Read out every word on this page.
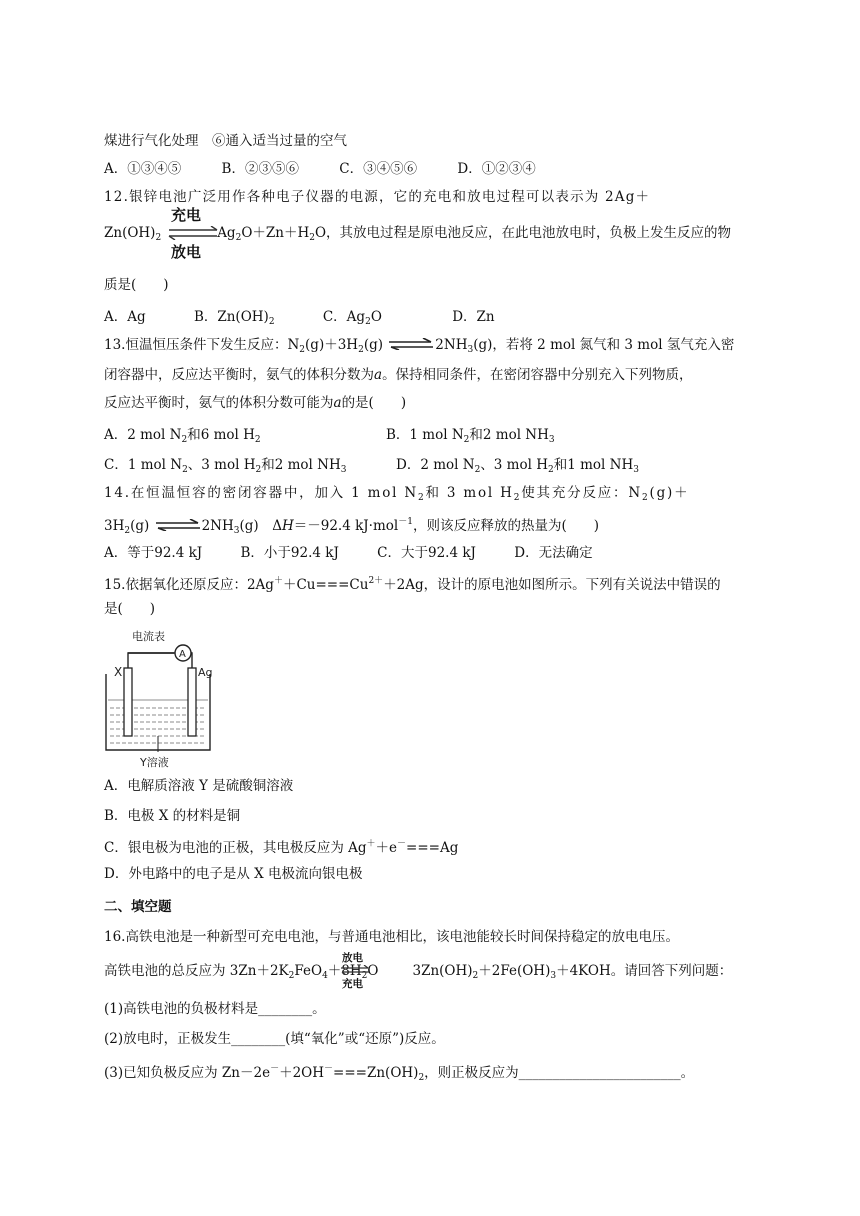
煤进行气化处理　⑥通入适当过量的空气
A．①③④⑤	B．②③⑤⑥	C．③④⑤⑥	D．①②③④
12.银锌电池广泛用作各种电子仪器的电源，它的充电和放电过程可以表示为 2Ag＋
$Zn(OH)_2$	$Ag_2O+Zn+H_2O$，其放电过程是原电池反应，在此电池放电时，负极上发生反应的物
充电
放电
质是(　　)
A．Ag	B．$Zn(OH)_2$	C．$Ag_2O$	D．Zn
13.恒温恒压条件下发生反应：$N_2(g)+3H_2(g)$ $\rightleftharpoons 2NH_3(g)$，若将 2 mol 氮气和 3 mol 氢气充入密
闭容器中，反应达平衡时，氨气的体积分数为a。保持相同条件，在密闭容器中分别充入下列物质，
反应达平衡时，氨气的体积分数可能为a的是(　　)
A．2 mol $N_2$和6 mol $H_2$	B．1 mol $N_2$和2 mol $NH_3$
C．1 mol $N_2$、3 mol $H_2$和2 mol $NH_3$	D．2 mol $N_2$、3 mol $H_2$和1 mol $NH_3$
14.在恒温恒容的密闭容器中，加入 1 mol $N_2$和 3 mol $H_2$使其充分反应：$N_2(g)+$
$3H_2(g)$ $\rightleftharpoons 2NH_3(g)$　ΔH＝－92.4 kJ·mol$^{-1}$，则该反应释放的热量为(　　)
A．等于92.4 kJ	B．小于92.4 kJ	C．大于92.4 kJ	D．无法确定
15.依据氧化还原反应：$2Ag^++Cu===Cu^{2+}+2Ag$，设计的原电池如图所示。下列有关说法中错误的
是(　　)
电流表
A
X	Ag
Y溶液
A．电解质溶液 Y 是硫酸铜溶液
B．电极 X 的材料是铜
C．银电极为电池的正极，其电极反应为 Ag＋＋e－===Ag
D．外电路中的电子是从 X 电极流向银电极
二、填空题
16.高铁电池是一种新型可充电电池，与普通电池相比，该电池能较长时间保持稳定的放电电压。
高铁电池的总反应为 $3Zn+2K_2FeO_4+8H_2O$	$3Zn(OH)_2+2Fe(OH)_3+4KOH$。请回答下列问题：
放电
充电
(1)高铁电池的负极材料是________。
(2)放电时，正极发生________(填“氧化”或“还原”)反应。
(3)已知负极反应为 $Zn-2e^-+2OH^-===Zn(OH)_2$，则正极反应为________________________。
